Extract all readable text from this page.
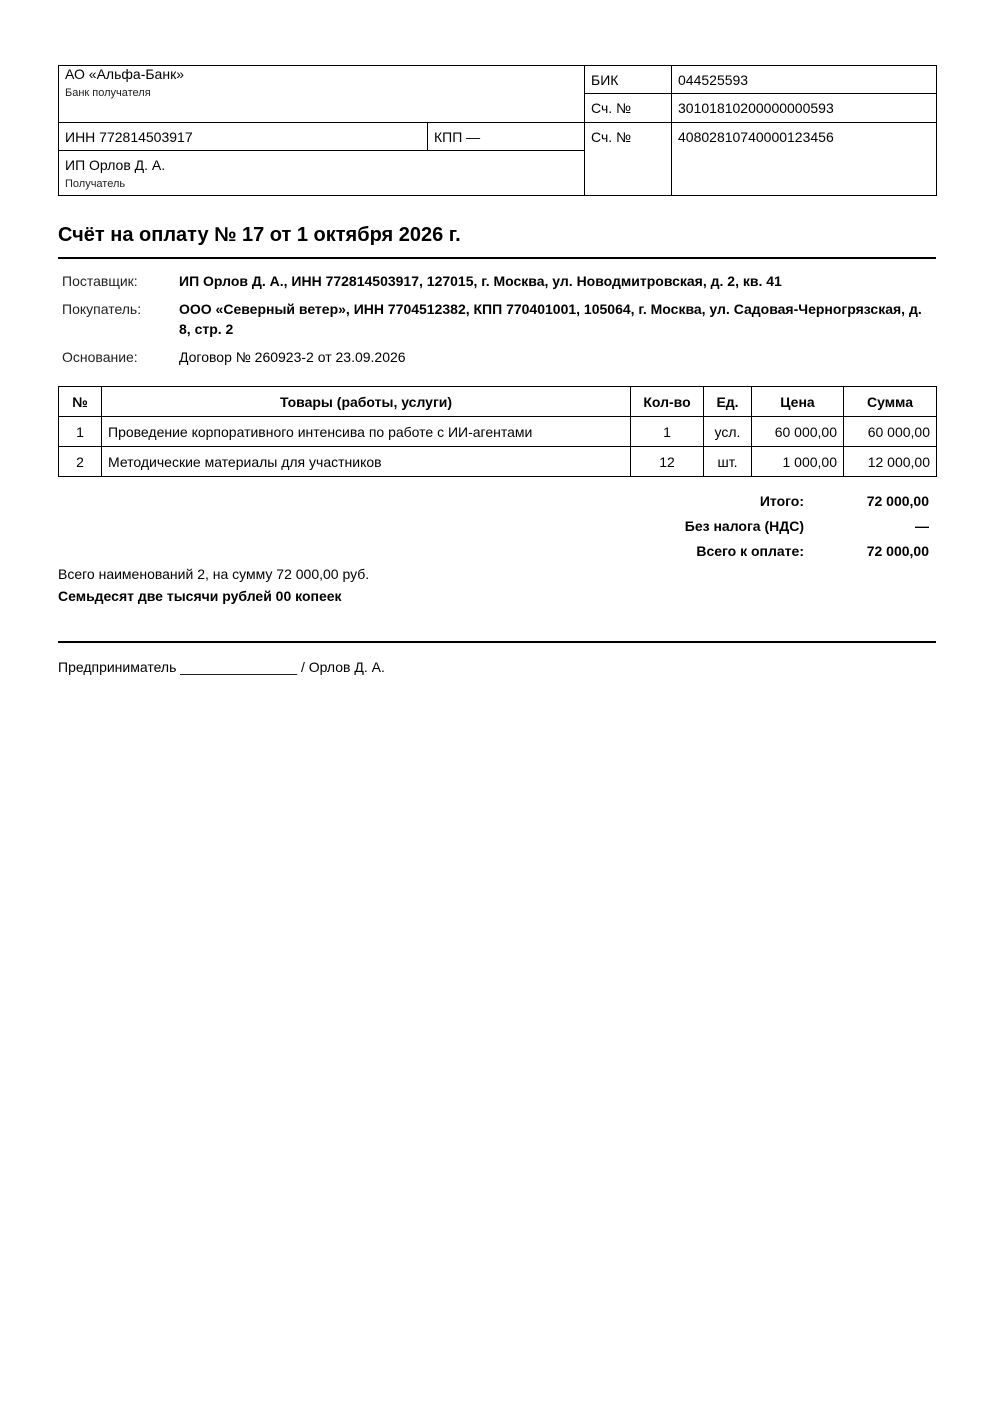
АО «Альфа-Банк»
Банк получателя		БИК	044525593
		Сч. №	30101810200000000593
ИНН 772814503917	КПП —	Сч. №	40802810740000123456

ИП Орлов Д. А.
Получатель			
Счёт на оплату № 17 от 1 октября 2026 г.
Поставщик:	ИП Орлов Д. А., ИНН 772814503917, 127015, г. Москва, ул. Новодмитровская, д. 2, кв. 41
Покупатель:	ООО «Северный ветер», ИНН 7704512382, КПП 770401001, 105064, г. Москва, ул. Садовая-Черногрязская, д. 8, стр. 2
Основание:	Договор № 260923-2 от 23.09.2026
№	Товары (работы, услуги)	Кол-во	Ед.	Цена	Сумма
1	Проведение корпоративного интенсива по работе с ИИ-агентами	1	усл.	60 000,00	60 000,00
2	Методические материалы для участников	12	шт.	1 000,00	12 000,00
Итого:	72 000,00
Без налога (НДС)	—
Всего к оплате:	72 000,00
Всего наименований 2, на сумму 72 000,00 руб.
Семьдесят две тысячи рублей 00 копеек
Предприниматель _______________ / Орлов Д. А.
